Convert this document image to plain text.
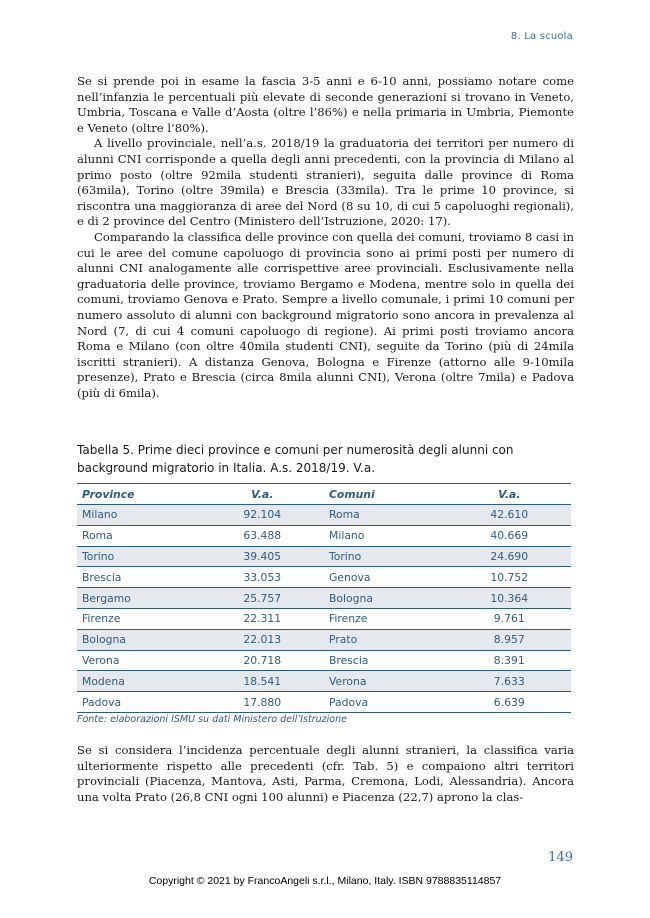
8. La scuola

Se si prende poi in esame la fascia 3-5 anni e 6-10 anni, possiamo notare come nell’infanzia le percentuali più elevate di seconde generazioni si trovano in Veneto, Umbria, Toscana e Valle d’Aosta (oltre l’86%) e nella primaria in Umbria, Piemonte e Veneto (oltre l’80%).

A livello provinciale, nell’a.s. 2018/19 la graduatoria dei territori per numero di alunni CNI corrisponde a quella degli anni precedenti, con la provincia di Milano al primo posto (oltre 92mila studenti stranieri), seguita dalle province di Roma (63mila), Torino (oltre 39mila) e Brescia (33mila). Tra le prime 10 province, si riscontra una maggioranza di aree del Nord (8 su 10, di cui 5 capoluoghi regionali), e di 2 province del Centro (Ministero dell’Istruzione, 2020: 17).

Comparando la classifica delle province con quella dei comuni, troviamo 8 casi in cui le aree del comune capoluogo di provincia sono ai primi posti per numero di alunni CNI analogamente alle corrispettive aree provinciali. Esclusivamente nella graduatoria delle province, troviamo Bergamo e Modena, mentre solo in quella dei comuni, troviamo Genova e Prato. Sempre a livello comunale, i primi 10 comuni per numero assoluto di alunni con background migratorio sono ancora in prevalenza al Nord (7, di cui 4 comuni capoluogo di regione). Ai primi posti troviamo ancora Roma e Milano (con oltre 40mila studenti CNI), seguite da Torino (più di 24mila iscritti stranieri). A distanza Genova, Bologna e Firenze (attorno alle 9-10mila presenze), Prato e Brescia (circa 8mila alunni CNI), Verona (oltre 7mila) e Padova (più di 6mila).

Tabella 5. Prime dieci province e comuni per numerosità degli alunni con background migratorio in Italia. A.s. 2018/19. V.a.
Province	V.a.	Comuni	V.a.
Milano	92.104	Roma	42.610
Roma	63.488	Milano	40.669
Torino	39.405	Torino	24.690
Brescia	33.053	Genova	10.752
Bergamo	25.757	Bologna	10.364
Firenze	22.311	Firenze	9.761
Bologna	22.013	Prato	8.957
Verona	20.718	Brescia	8.391
Modena	18.541	Verona	7.633
Padova	17.880	Padova	6.639
Fonte: elaborazioni ISMU su dati Ministero dell’Istruzione

Se si considera l’incidenza percentuale degli alunni stranieri, la classifica varia ulteriormente rispetto alle precedenti (cfr. Tab. 5) e compaiono altri territori provinciali (Piacenza, Mantova, Asti, Parma, Cremona, Lodi, Alessandria). Ancora una volta Prato (26,8 CNI ogni 100 alunni) e Piacenza (22,7) aprono la clas-

149
Copyright © 2021 by FrancoAngeli s.r.l., Milano, Italy. ISBN 9788835114857
